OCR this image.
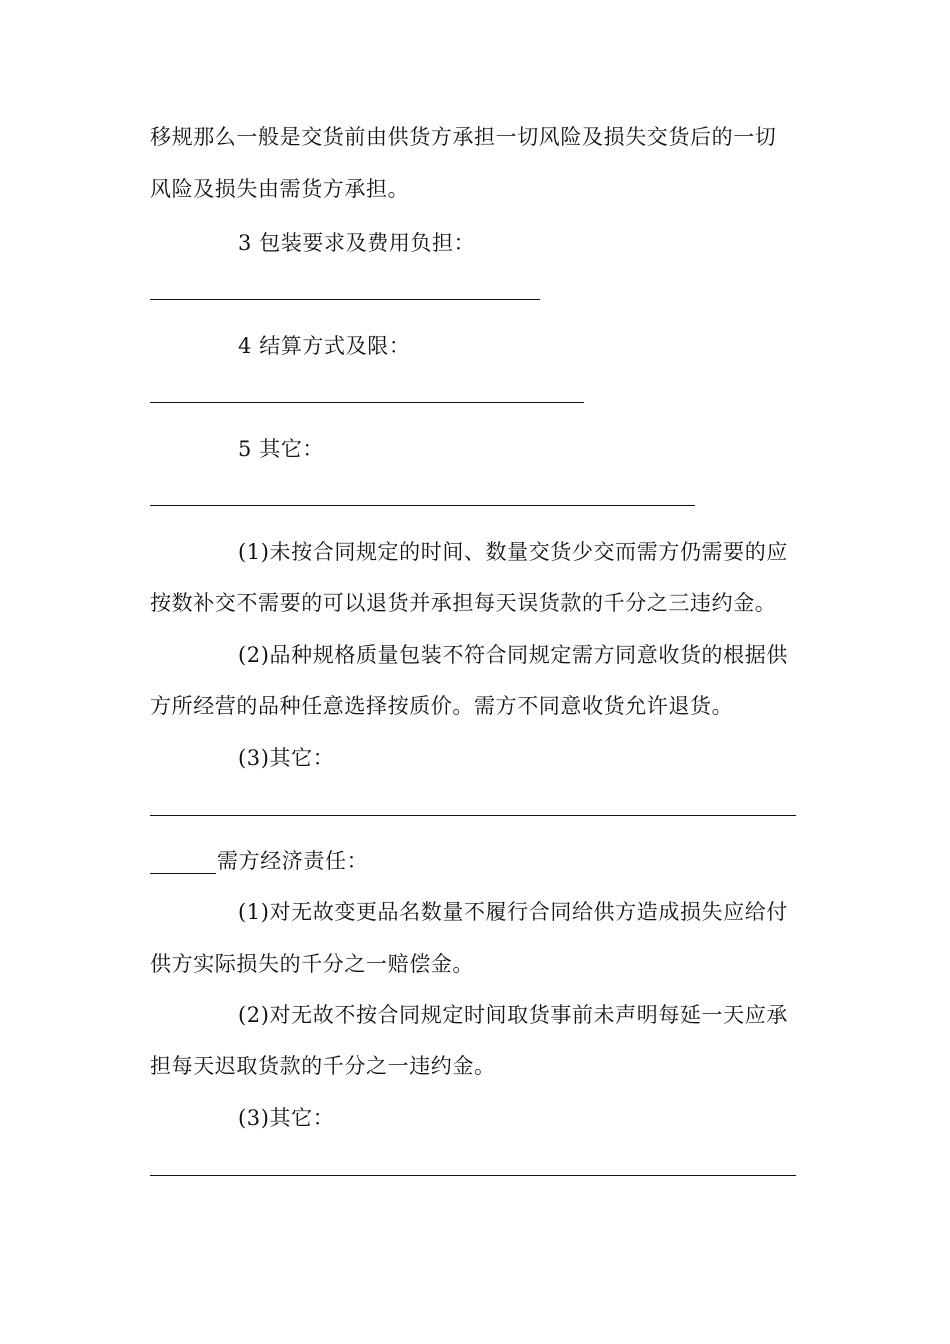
移规那么一般是交货前由供货方承担一切风险及损失交货后的一切
风险及损失由需货方承担。
3 包装要求及费用负担：
4 结算方式及限：
5 其它：
(1)未按合同规定的时间、数量交货少交而需方仍需要的应
按数补交不需要的可以退货并承担每天误货款的千分之三违约金。
(2)品种规格质量包装不符合同规定需方同意收货的根据供
方所经营的品种任意选择按质价。需方不同意收货允许退货。
(3)其它：
需方经济责任：
(1)对无故变更品名数量不履行合同给供方造成损失应给付
供方实际损失的千分之一赔偿金。
(2)对无故不按合同规定时间取货事前未声明每延一天应承
担每天迟取货款的千分之一违约金。
(3)其它：
